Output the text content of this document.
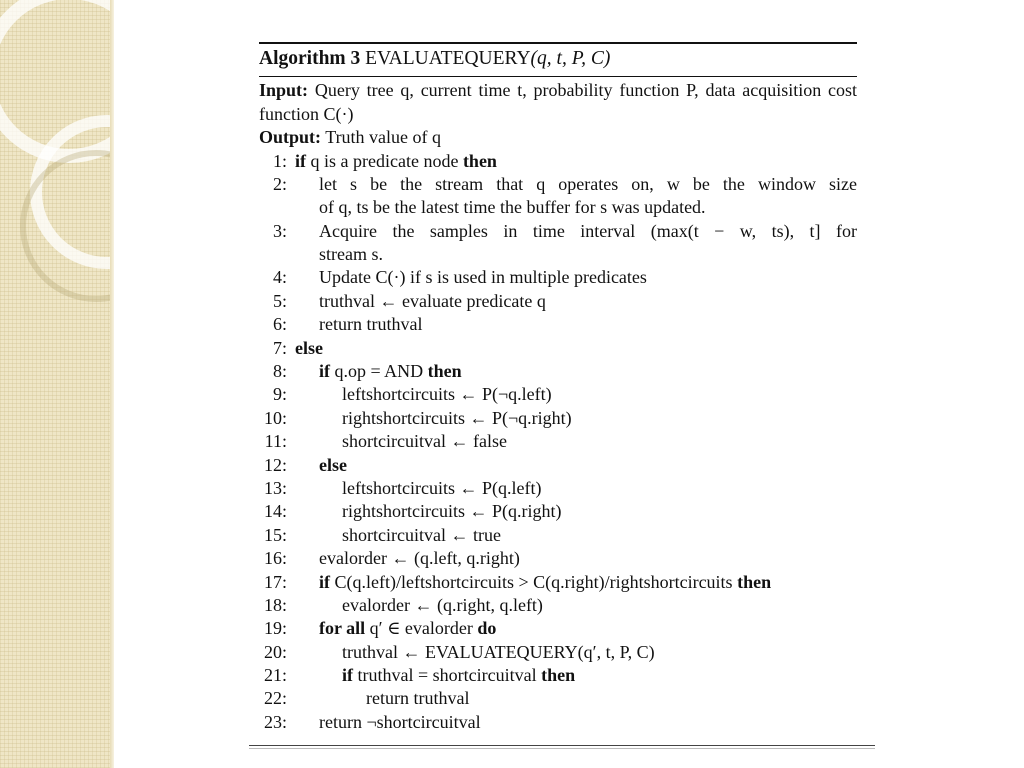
Algorithm 3 EVALUATEQUERY(q, t, P, C)
Input: Query tree q, current time t, probability function P, data acquisition cost function C(·)
Output: Truth value of q
1: if q is a predicate node then
2: let s be the stream that q operates on, w be the window size
of q, ts be the latest time the buffer for s was updated.
3: Acquire the samples in time interval (max(t − w, ts), t] for
stream s.
4: Update C(·) if s is used in multiple predicates
5: truthval ← evaluate predicate q
6: return truthval
7: else
8: if q.op = AND then
9:	leftshortcircuits ← P(¬q.left)
10:	rightshortcircuits ← P(¬q.right)
11:	shortcircuitval ← false
12: else
13:	leftshortcircuits ← P(q.left)
14:	rightshortcircuits ← P(q.right)
15:	shortcircuitval ← true
16: evalorder ← (q.left, q.right)
17: if C(q.left)/leftshortcircuits > C(q.right)/rightshortcircuits then
18:	evalorder ← (q.right, q.left)
19: for all q′ ∈ evalorder do
20:	truthval ← EVALUATEQUERY(q′, t, P, C)
21:	if truthval = shortcircuitval then
22:	return truthval
23: return ¬shortcircuitval
